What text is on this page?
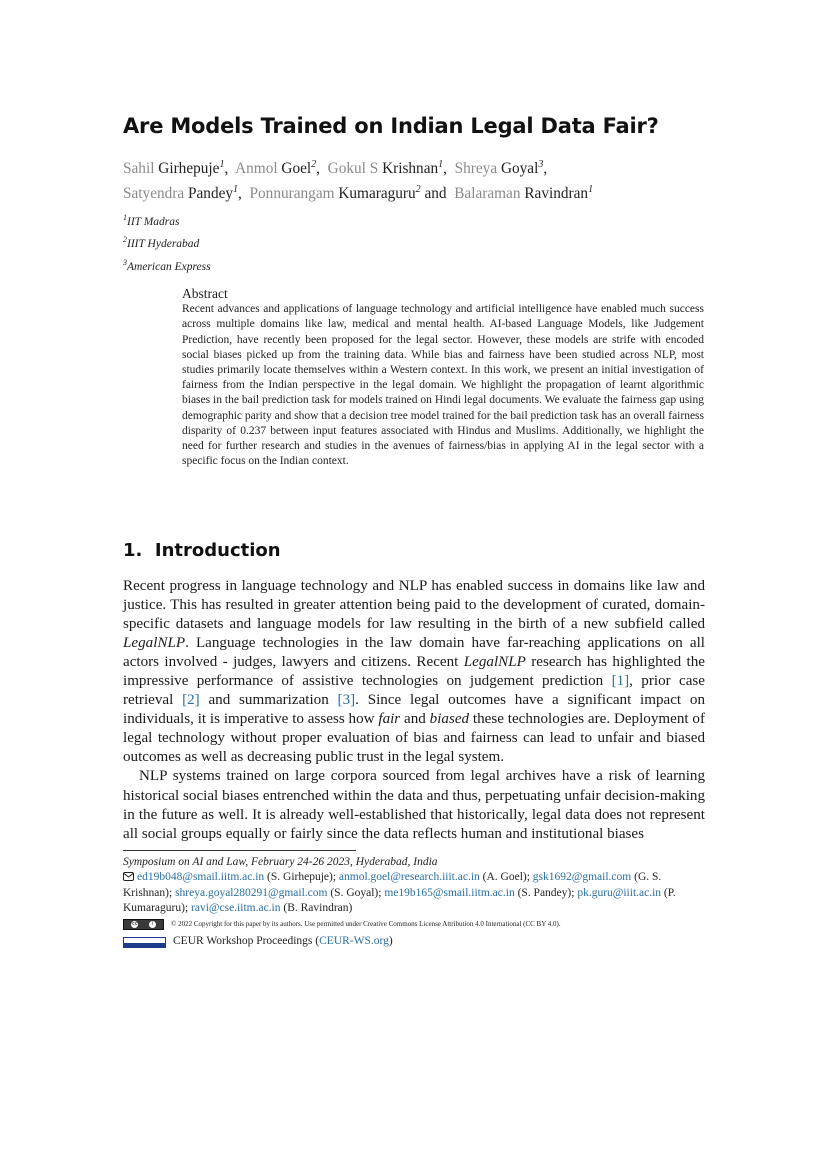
Are Models Trained on Indian Legal Data Fair?
Sahil Girhepuje$^1$,  Anmol Goel$^2$,  Gokul S Krishnan$^1$,  Shreya Goyal$^3$,
Satyendra Pandey$^1$,  Ponnurangam Kumaraguru$^2$ and Balaraman Ravindran$^1$
$^1$IIT Madras
$^2$IIIT Hyderabad
$^3$American Express
Abstract

Recent advances and applications of language technology and artificial intelligence have enabled much success across multiple domains like law, medical and mental health. AI-based Language Models, like Judgement Prediction, have recently been proposed for the legal sector. However, these models are strife with encoded social biases picked up from the training data. While bias and fairness have been studied across NLP, most studies primarily locate themselves within a Western context. In this work, we present an initial investigation of fairness from the Indian perspective in the legal domain. We highlight the propagation of learnt algorithmic biases in the bail prediction task for models trained on Hindi legal documents. We evaluate the fairness gap using demographic parity and show that a decision tree model trained for the bail prediction task has an overall fairness disparity of 0.237 between input features associated with Hindus and Muslims. Additionally, we highlight the need for further research and studies in the avenues of fairness/bias in applying AI in the legal sector with a specific focus on the Indian context.

1. Introduction

Recent progress in language technology and NLP has enabled success in domains like law and justice. This has resulted in greater attention being paid to the development of curated, domain-specific datasets and language models for law resulting in the birth of a new subfield called LegalNLP. Language technologies in the law domain have far-reaching applications on all actors involved - judges, lawyers and citizens. Recent LegalNLP research has highlighted the impressive performance of assistive technologies on judgement prediction [1], prior case retrieval [2] and summarization [3]. Since legal outcomes have a significant impact on individuals, it is imperative to assess how fair and biased these technologies are. Deployment of legal technology without proper evaluation of bias and fairness can lead to unfair and biased outcomes as well as decreasing public trust in the legal system.

NLP systems trained on large corpora sourced from legal archives have a risk of learning historical social biases entrenched within the data and thus, perpetuating unfair decision-making in the future as well. It is already well-established that historically, legal data does not represent all social groups equally or fairly since the data reflects human and institutional biases

Symposium on AI and Law, February 24-26 2023, Hyderabad, India
ed19b048@smail.iitm.ac.in (S. Girhepuje); anmol.goel@research.iiit.ac.in (A. Goel); gsk1692@gmail.com (G. S. Krishnan); shreya.goyal280291@gmail.com (S. Goyal); me19b165@smail.iitm.ac.in (S. Pandey); pk.guru@iiit.ac.in (P. Kumaraguru); ravi@cse.iitm.ac.in (B. Ravindran)
cc	i	© 2022 Copyright for this paper by its authors. Use permitted under Creative Commons License Attribution 4.0 International (CC BY 4.0).
CEUR Workshop Proceedings
( CEUR-WS.org )
